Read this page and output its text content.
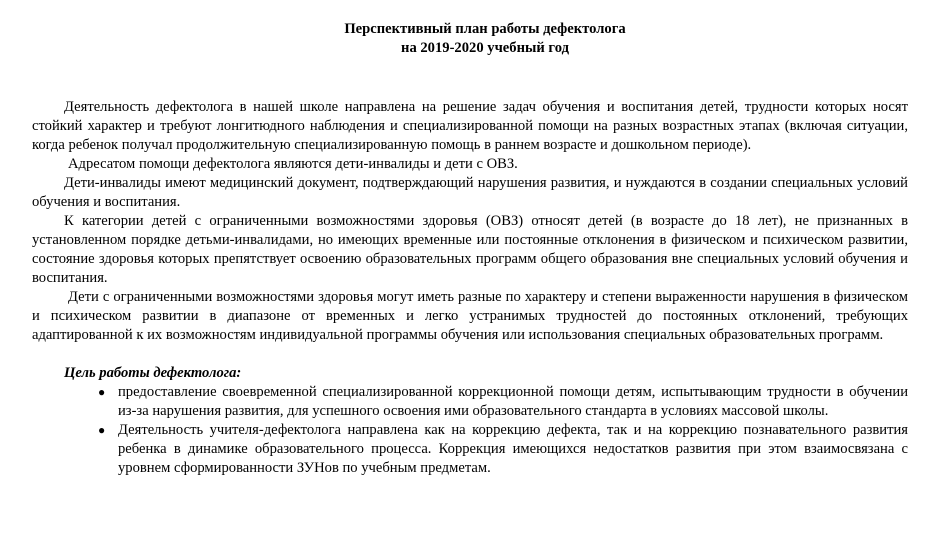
Перспективный план работы дефектолога
на 2019-2020 учебный год

Деятельность дефектолога в нашей школе направлена на решение задач обучения и воспитания детей, трудности которых носят стойкий характер и требуют лонгитюдного наблюдения и специализированной помощи на разных возрастных этапах (включая ситуации, когда ребенок получал продолжительную специализированную помощь в раннем возрасте и дошкольном периоде).

Адресатом помощи дефектолога являются дети-инвалиды и дети с ОВЗ.

Дети-инвалиды имеют медицинский документ, подтверждающий нарушения развития, и нуждаются в создании специальных условий обучения и воспитания.

К категории детей с ограниченными возможностями здоровья (ОВЗ) относят детей (в возрасте до 18 лет), не признанных в установленном порядке детьми-инвалидами, но имеющих временные или постоянные отклонения в физическом и психическом развитии, состояние здоровья которых препятствует освоению образовательных программ общего образования вне специальных условий обучения и воспитания.

Дети с ограниченными возможностями здоровья могут иметь разные по характеру и степени выраженности нарушения в физическом и психическом развитии в диапазоне от временных и легко устранимых трудностей до постоянных отклонений, требующих адаптированной к их возможностям индивидуальной программы обучения или использования специальных образовательных программ.

Цель работы дефектолога:
● предоставление своевременной специализированной коррекционной помощи детям, испытывающим трудности в обучении из-за нарушения развития, для успешного освоения ими образовательного стандарта в условиях массовой школы.
● Деятельность учителя-дефектолога направлена как на коррекцию дефекта, так и на коррекцию познавательного развития ребенка в динамике образовательного процесса. Коррекция имеющихся недостатков развития при этом взаимосвязана с уровнем сформированности ЗУНов по учебным предметам.
